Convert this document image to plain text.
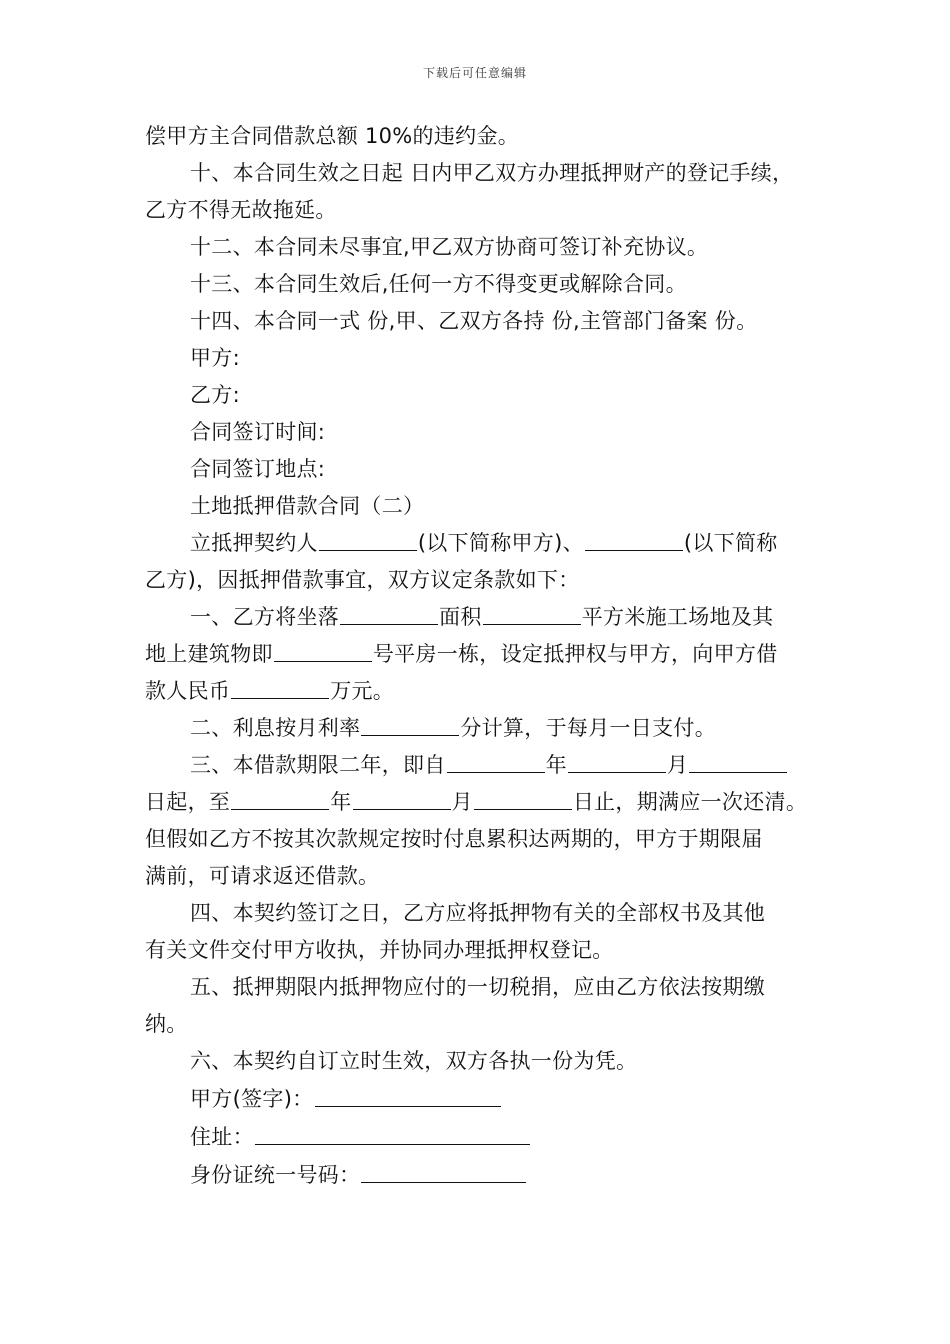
下载后可任意编辑
偿甲方主合同借款总额 10%的违约金。
十、本合同生效之日起 日内甲乙双方办理抵押财产的登记手续，
乙方不得无故拖延。
十二、本合同未尽事宜,甲乙双方协商可签订补充协议。
十三、本合同生效后,任何一方不得变更或解除合同。
十四、本合同一式 份,甲、乙双方各持 份,主管部门备案 份。
甲方:
乙方:
合同签订时间:
合同签订地点:
土地抵押借款合同（二）
立抵押契约人	(以下简称甲方)、	(以下简称
乙方)，因抵押借款事宜，双方议定条款如下：
一、乙方将坐落	面积	平方米施工场地及其
地上建筑物即	号平房一栋，设定抵押权与甲方，向甲方借
款人民币	万元。
二、利息按月利率	分计算，于每月一日支付。
三、本借款期限二年，即自	年	月
日起，至	年	月	日止，期满应一次还清。
但假如乙方不按其次款规定按时付息累积达两期的，甲方于期限届
满前，可请求返还借款。
四、本契约签订之日，乙方应将抵押物有关的全部权书及其他
有关文件交付甲方收执，并协同办理抵押权登记。
五、抵押期限内抵押物应付的一切税捐，应由乙方依法按期缴
纳。
六、本契约自订立时生效，双方各执一份为凭。
甲方(签字)：
住址：
身份证统一号码：
